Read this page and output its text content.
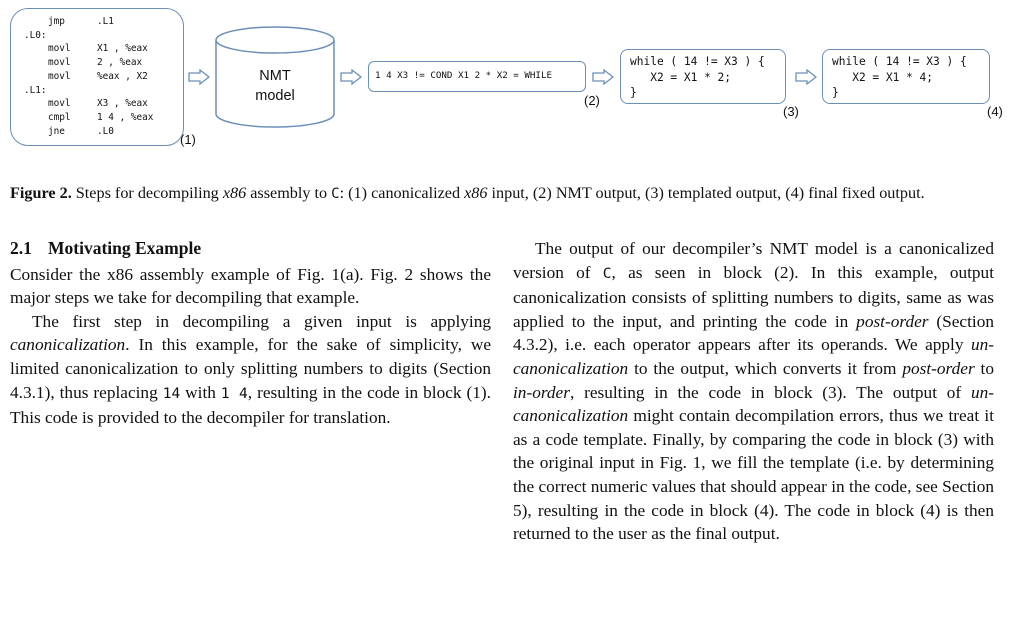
jmp	.L1
.L0:
movl	X1 , %eax
movl	2 , %eax
movl	%eax , X2
.L1:
movl	X3 , %eax
cmpl	1 4 , %eax
jne	.L0
(1)
NMT
model
1 4 X3 != COND X1 2 * X2 = WHILE
(2)
while ( 14 != X3 ) {
X2 = X1 * 2;
}
(3)
while ( 14 != X3 ) {
X2 = X1 * 4;
}
(4)
Figure 2. Steps for decompiling x86 assembly to C: (1) canonicalized x86 input, (2) NMT output, (3) templated output, (4) final fixed output.
2.1 Motivating Example

Consider the x86 assembly example of Fig. 1(a). Fig. 2 shows the major steps we take for decompiling that example.

The first step in decompiling a given input is applying canonicalization. In this example, for the sake of simplicity, we limited canonicalization to only splitting numbers to digits (Section 4.3.1), thus replacing 14 with 1 4, resulting in the code in block (1). This code is provided to the decompiler for translation.

The output of our decompiler’s NMT model is a canonicalized version of C, as seen in block (2). In this example, output canonicalization consists of splitting numbers to digits, same as was applied to the input, and printing the code in post-order (Section 4.3.2), i.e. each operator appears after its operands. We apply un-canonicalization to the output, which converts it from post-order to in-order, resulting in the code in block (3). The output of un-canonicalization might contain decompilation errors, thus we treat it as a code template. Finally, by comparing the code in block (3) with the original input in Fig. 1, we fill the template (i.e. by determining the correct numeric values that should appear in the code, see Section 5), resulting in the code in block (4). The code in block (4) is then returned to the user as the final output.
